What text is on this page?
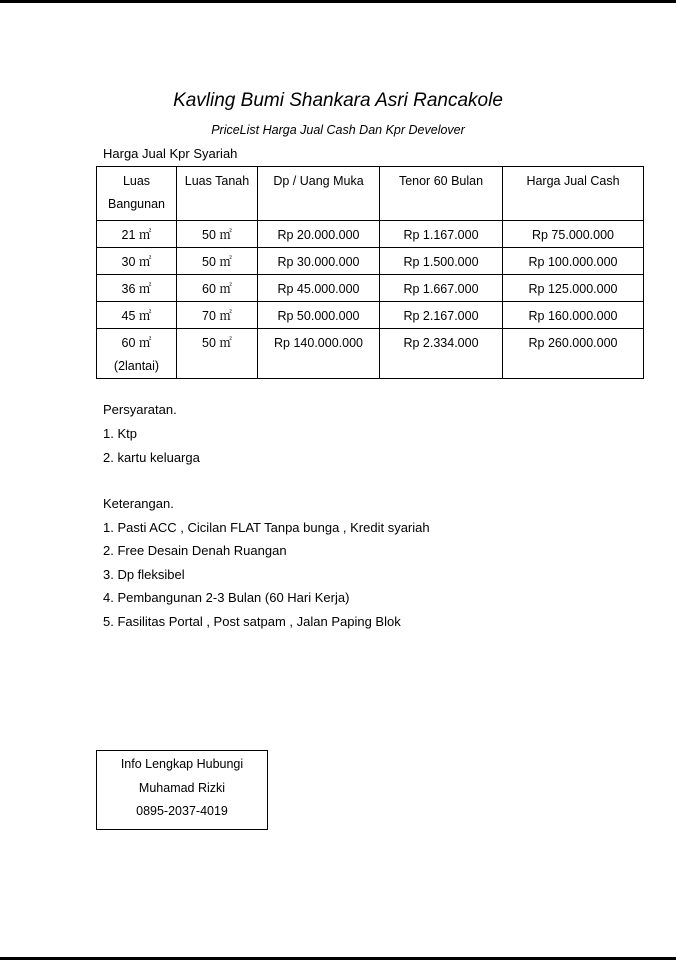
Kavling Bumi Shankara Asri Rancakole
PriceList Harga Jual Cash Dan Kpr Develover
Harga Jual Kpr Syariah
Luas Bangunan	Luas Tanah	Dp / Uang Muka	Tenor 60 Bulan	Harga Jual Cash
21 ㎡	50 ㎡	Rp 20.000.000	Rp 1.167.000	Rp 75.000.000
30 ㎡	50 ㎡	Rp 30.000.000	Rp 1.500.000	Rp 100.000.000
36 ㎡	60 ㎡	Rp 45.000.000	Rp 1.667.000	Rp 125.000.000
45 ㎡	70 ㎡	Rp 50.000.000	Rp 2.167.000	Rp 160.000.000
60 ㎡ (2lantai)	50 ㎡	Rp 140.000.000	Rp 2.334.000	Rp 260.000.000
Persyaratan.
1. Ktp
2. kartu keluarga
Keterangan.
1. Pasti ACC , Cicilan FLAT Tanpa bunga , Kredit syariah
2. Free Desain Denah Ruangan
3. Dp fleksibel
4. Pembangunan 2-3 Bulan (60 Hari Kerja)
5. Fasilitas Portal , Post satpam , Jalan Paping Blok
Info Lengkap Hubungi
Muhamad Rizki
0895-2037-4019
